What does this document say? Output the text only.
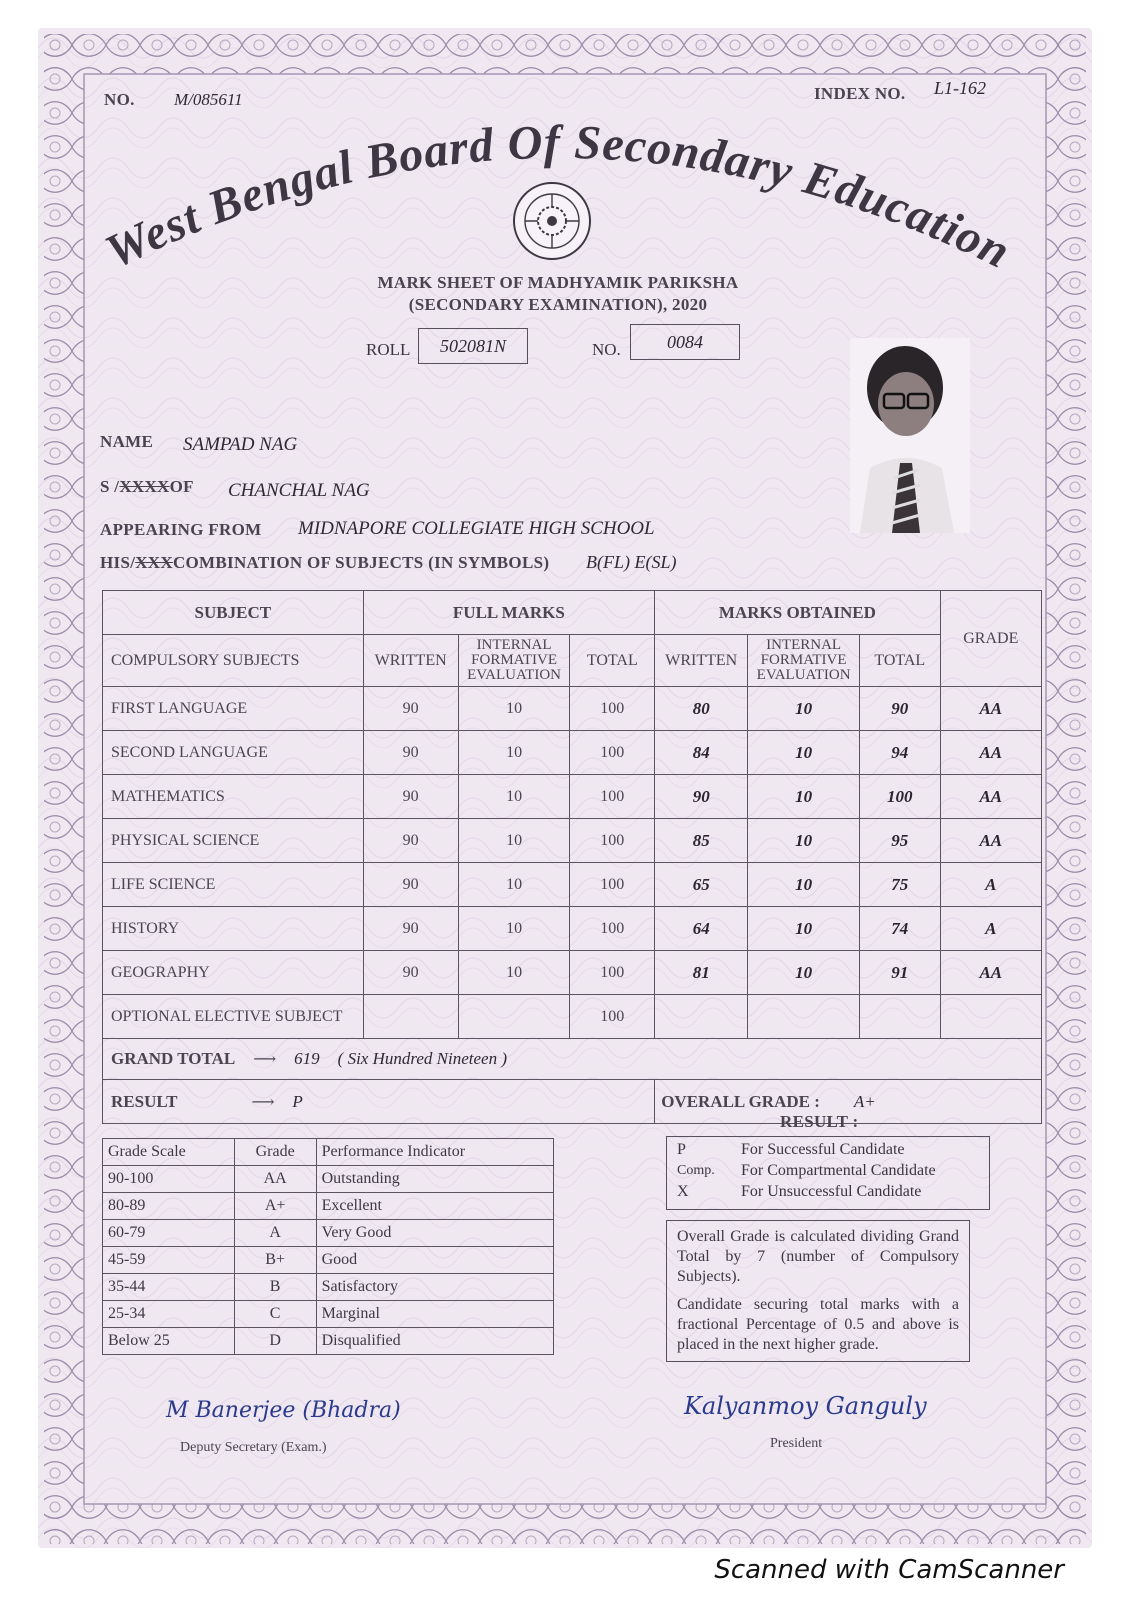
NO. M/085611	INDEX NO. L1-162
West Bengal Board Of Secondary Education
MARK SHEET OF MADHYAMIK PARIKSHA
(SECONDARY EXAMINATION), 2020
ROLL	502081N	NO.	0084
NAME SAMPAD NAG
S /XXXXOF CHANCHAL NAG
APPEARING FROM MIDNAPORE COLLEGIATE HIGH SCHOOL
HIS/XXXCOMBINATION OF SUBJECTS (IN SYMBOLS) B(FL) E(SL)
SUBJECT	FULL MARKS			MARKS OBTAINED			GRADE
COMPULSORY SUBJECTS	WRITTEN	INTERNAL FORMATIVE EVALUATION	TOTAL	WRITTEN	INTERNAL FORMATIVE EVALUATION	TOTAL	
FIRST LANGUAGE	90	10	100	80	10	90	AA
SECOND LANGUAGE	90	10	100	84	10	94	AA
MATHEMATICS	90	10	100	90	10	100	AA
PHYSICAL SCIENCE	90	10	100	85	10	95	AA
LIFE SCIENCE	90	10	100	65	10	75	A
HISTORY	90	10	100	64	10	74	A
GEOGRAPHY	90	10	100	81	10	91	AA
OPTIONAL ELECTIVE SUBJECT			100				
GRAND TOTAL ⟶ 619 ( Six Hundred Nineteen )							
RESULT ⟶ P				OVERALL GRADE : A+			
Grade Scale	Grade	Performance Indicator
90-100	AA	Outstanding
80-89	A+	Excellent
60-79	A	Very Good
45-59	B+	Good
35-44	B	Satisfactory
25-34	C	Marginal
Below 25	D	Disqualified
RESULT :
P	For Successful Candidate
Comp.	For Compartmental Candidate
X	For Unsuccessful Candidate
Overall Grade is calculated dividing Grand Total by 7 (number of Compulsory Subjects).
Candidate securing total marks with a fractional Percentage of 0.5 and above is placed in the next higher grade.
M Banerjee (Bhadra)
Deputy Secretary (Exam.)
Kalyanmoy Ganguly
President
Scanned with CamScanner
